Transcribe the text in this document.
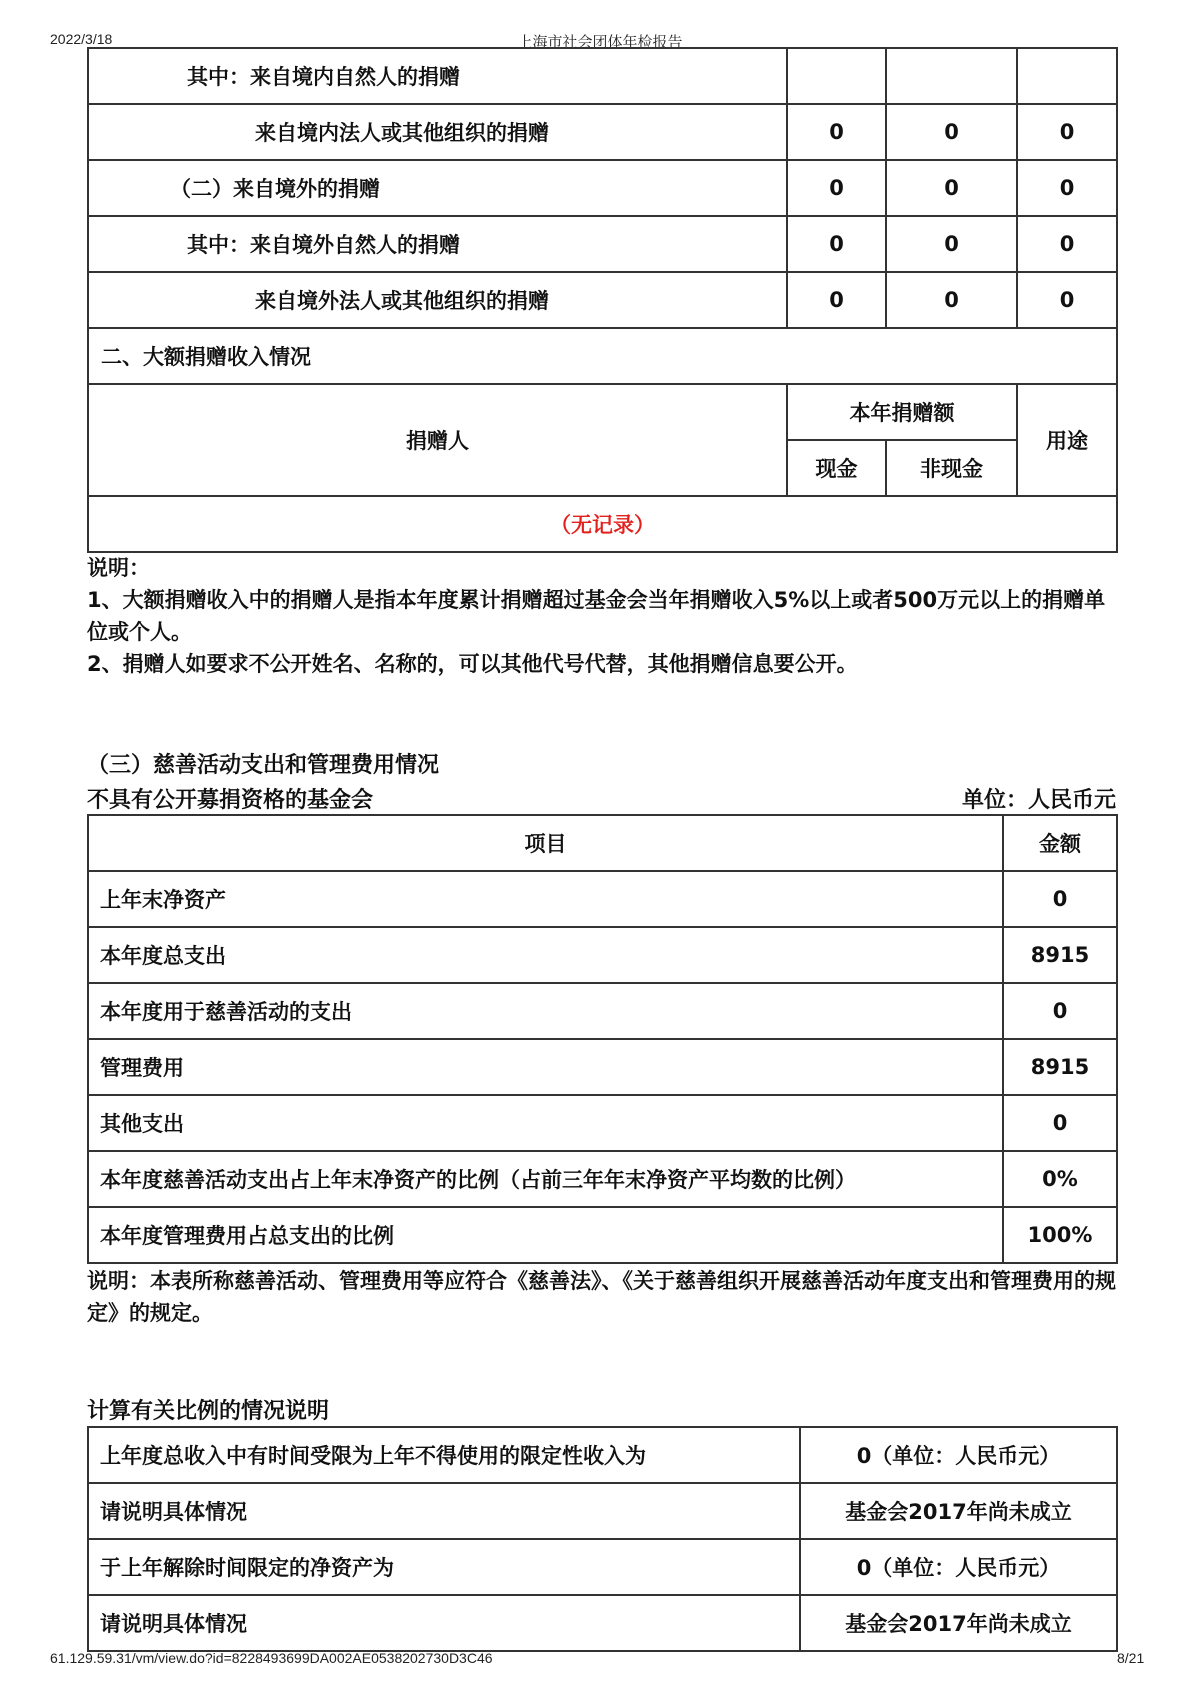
2022/3/18	上海市社会团体年检报告
其中：来自境内自然人的捐赠			
来自境内法人或其他组织的捐赠	0	0	0
（二）来自境外的捐赠	0	0	0
其中：来自境外自然人的捐赠	0	0	0
来自境外法人或其他组织的捐赠	0	0	0
二、大额捐赠收入情况			
捐赠人	本年捐赠额		用途
	现金	非现金	
（无记录）			
说明：
1、大额捐赠收入中的捐赠人是指本年度累计捐赠超过基金会当年捐赠收入5%以上或者500万元以上的捐赠单位或个人。
2、捐赠人如要求不公开姓名、名称的，可以其他代号代替，其他捐赠信息要公开。
（三）慈善活动支出和管理费用情况
不具有公开募捐资格的基金会	单位：人民币元
项目	金额
上年末净资产	0
本年度总支出	8915
本年度用于慈善活动的支出	0
管理费用	8915
其他支出	0
本年度慈善活动支出占上年末净资产的比例（占前三年年末净资产平均数的比例）	0%
本年度管理费用占总支出的比例	100%
说明：本表所称慈善活动、管理费用等应符合《慈善法》、《关于慈善组织开展慈善活动年度支出和管理费用的规定》的规定。
计算有关比例的情况说明
上年度总收入中有时间受限为上年不得使用的限定性收入为	0（单位：人民币元）
请说明具体情况	基金会2017年尚未成立
于上年解除时间限定的净资产为	0（单位：人民币元）
请说明具体情况	基金会2017年尚未成立
61.129.59.31/vm/view.do?id=8228493699DA002AE0538202730D3C46	8/21
